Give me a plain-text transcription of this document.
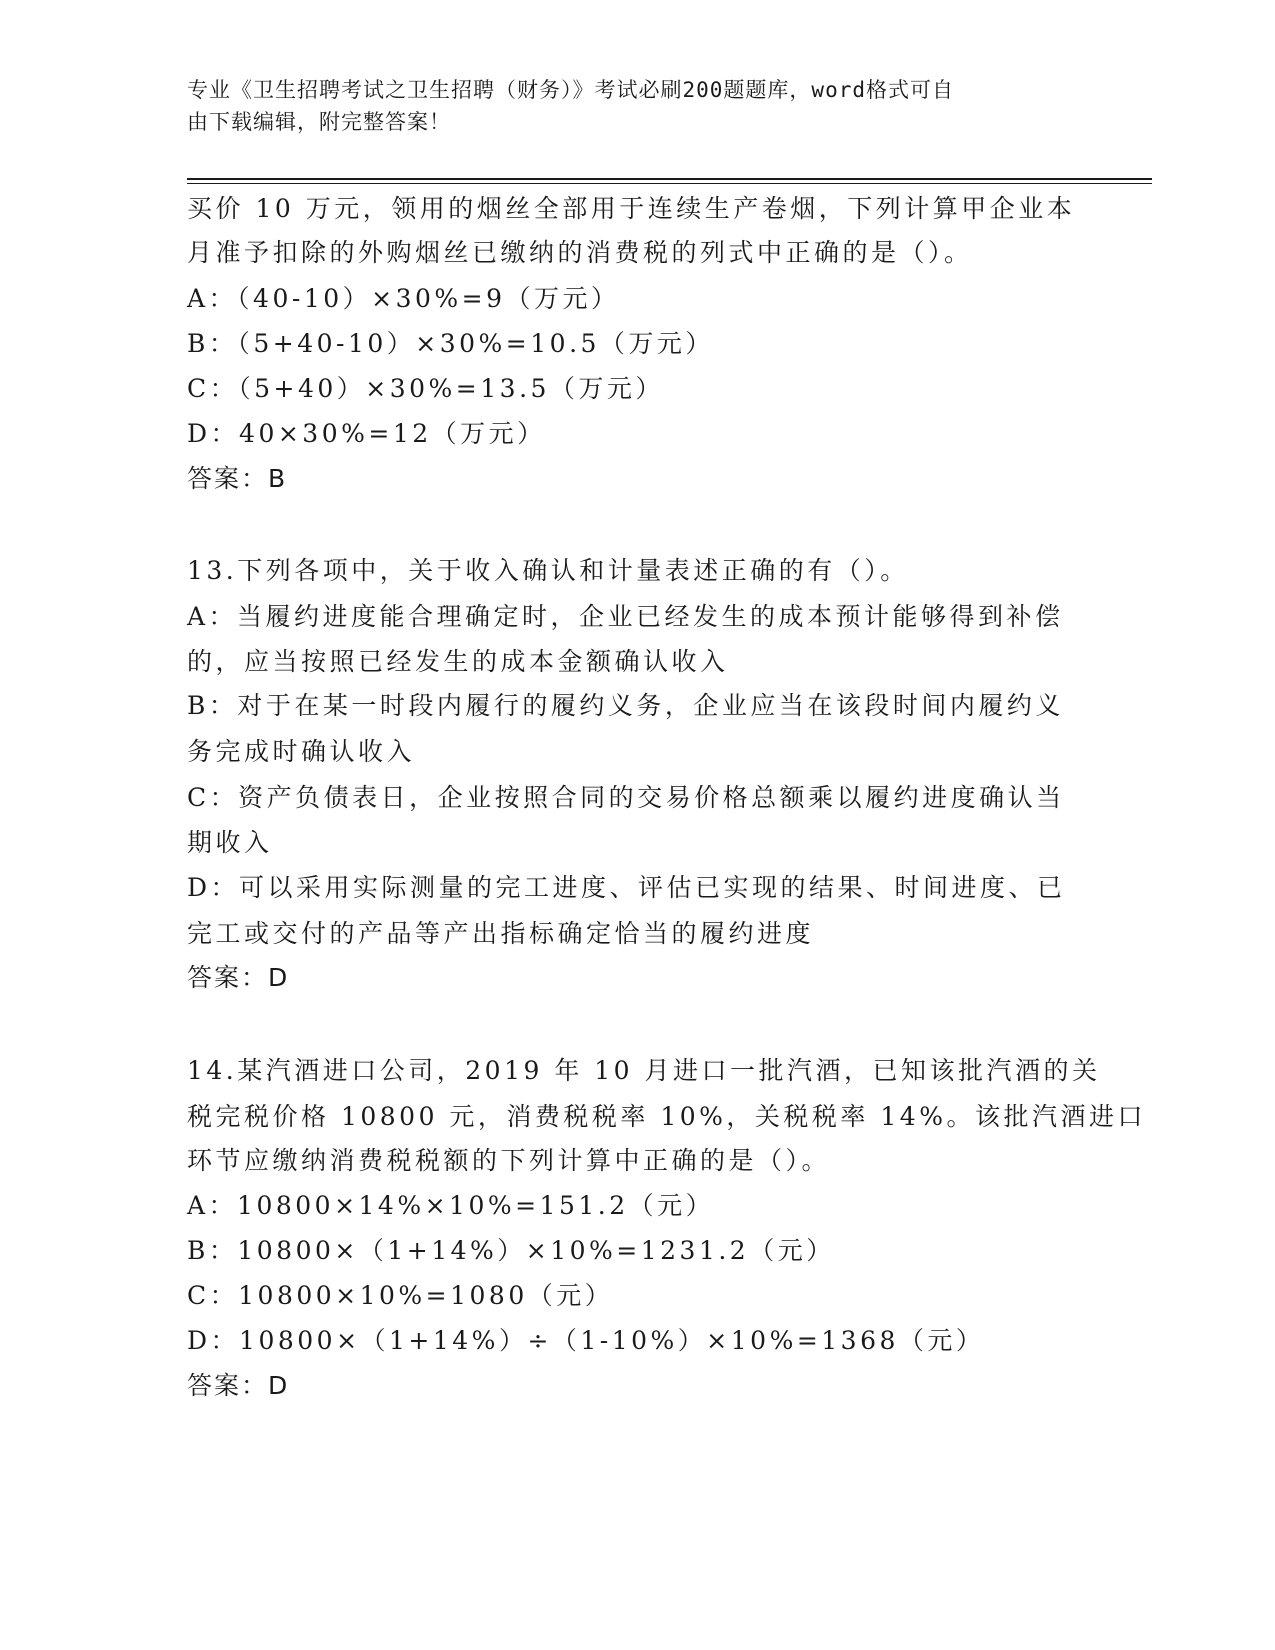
专业《卫生招聘考试之卫生招聘（财务）》考试必刷200题题库，word格式可自
由下载编辑，附完整答案！
买价 10 万元，领用的烟丝全部用于连续生产卷烟，下列计算甲企业本
月准予扣除的外购烟丝已缴纳的消费税的列式中正确的是（）。
A：（40-10）×30%=9（万元）
B：（5+40-10）×30%=10.5（万元）
C：（5+40）×30%=13.5（万元）
D：40×30%=12（万元）
答案：B
13.下列各项中，关于收入确认和计量表述正确的有（）。
A：当履约进度能合理确定时，企业已经发生的成本预计能够得到补偿
的，应当按照已经发生的成本金额确认收入
B：对于在某一时段内履行的履约义务，企业应当在该段时间内履约义
务完成时确认收入
C：资产负债表日，企业按照合同的交易价格总额乘以履约进度确认当
期收入
D：可以采用实际测量的完工进度、评估已实现的结果、时间进度、已
完工或交付的产品等产出指标确定恰当的履约进度
答案：D
14.某汽酒进口公司，2019 年 10 月进口一批汽酒，已知该批汽酒的关
税完税价格 10800 元，消费税税率 10%，关税税率 14%。该批汽酒进口
环节应缴纳消费税税额的下列计算中正确的是（）。
A：10800×14%×10%=151.2（元）
B：10800×（1+14%）×10%=1231.2（元）
C：10800×10%=1080（元）
D：10800×（1+14%）÷（1-10%）×10%=1368（元）
答案：D
